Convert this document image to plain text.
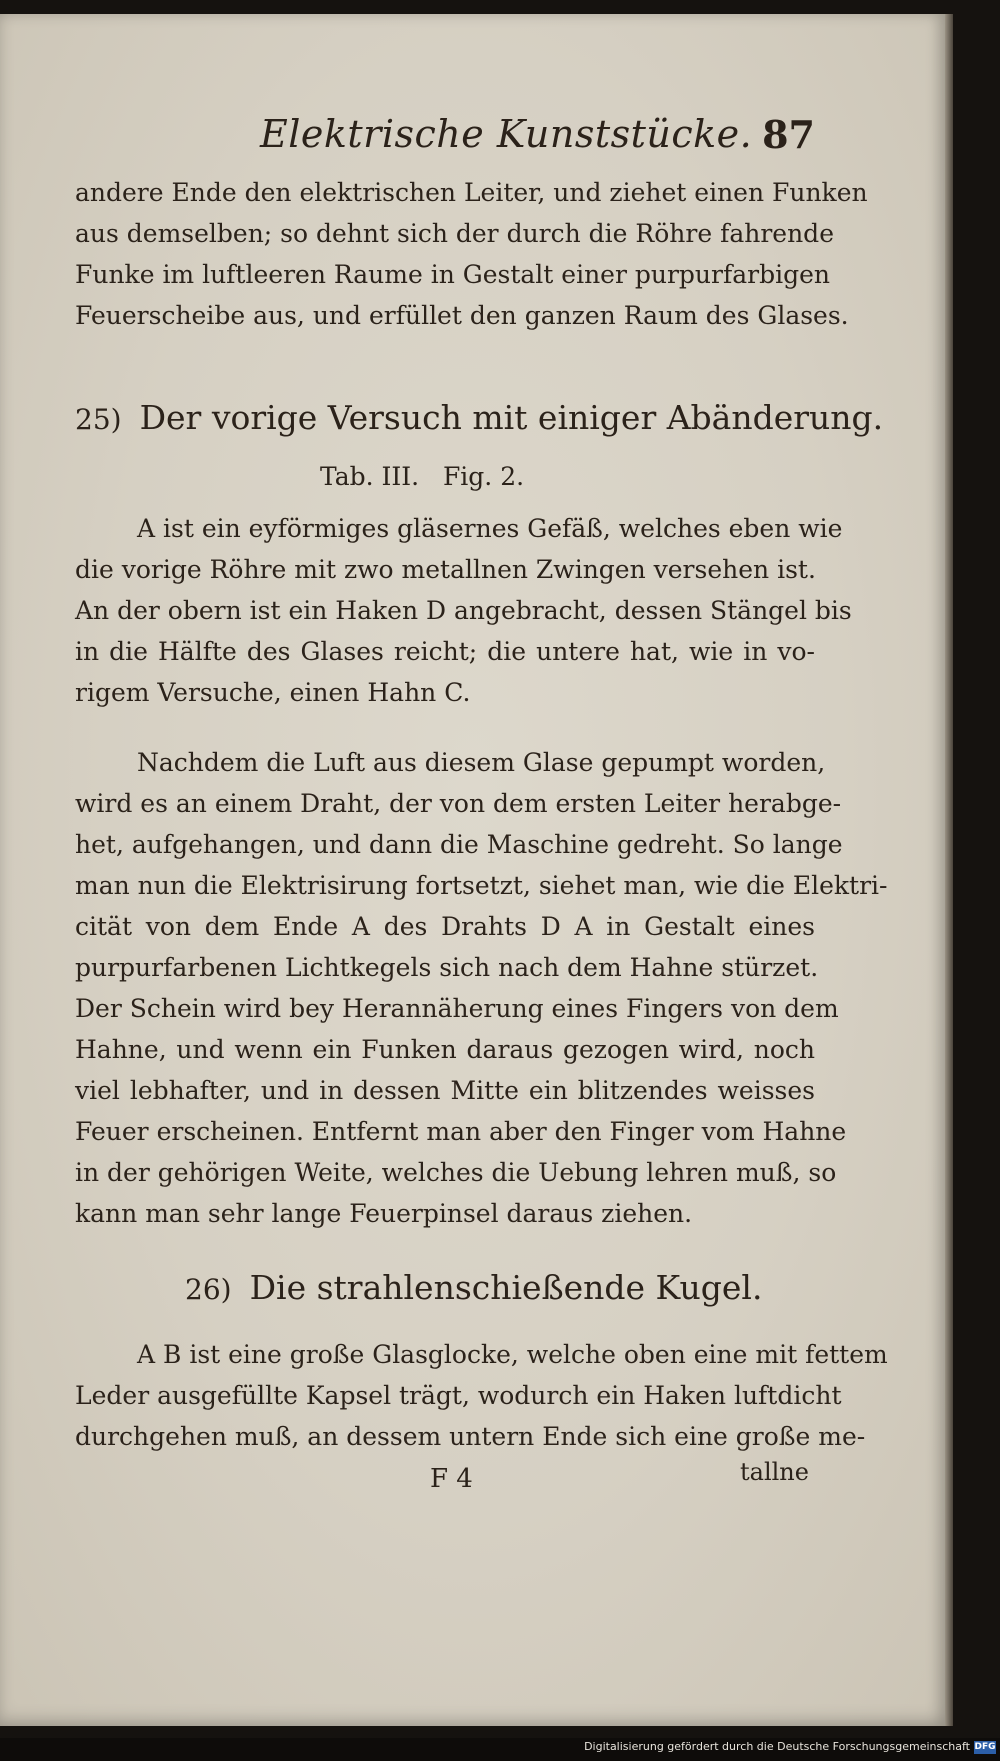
Elektrische Kunststücke. 87
andere Ende den elektrischen Leiter, und ziehet einen Funken
aus demselben; so dehnt sich der durch die Röhre fahrende
Funke im luftleeren Raume in Gestalt einer purpurfarbigen
Feuerscheibe aus, und erfüllet den ganzen Raum des Glases.
25) Der vorige Versuch mit einiger Abänderung.
Tab. III.   Fig. 2.
A ist ein eyförmiges gläsernes Gefäß, welches eben wie
die vorige Röhre mit zwo metallnen Zwingen versehen ist.
An der obern ist ein Haken D angebracht, dessen Stängel bis
in die Hälfte des Glases reicht; die untere hat, wie in vo-
rigem Versuche, einen Hahn C.
Nachdem die Luft aus diesem Glase gepumpt worden,
wird es an einem Draht, der von dem ersten Leiter herabge-
het, aufgehangen, und dann die Maschine gedreht. So lange
man nun die Elektrisirung fortsetzt, siehet man, wie die Elektri-
cität von dem Ende A des Drahts D A in Gestalt eines
purpurfarbenen Lichtkegels sich nach dem Hahne stürzet.
Der Schein wird bey Herannäherung eines Fingers von dem
Hahne, und wenn ein Funken daraus gezogen wird, noch
viel lebhafter, und in dessen Mitte ein blitzendes weisses
Feuer erscheinen. Entfernt man aber den Finger vom Hahne
in der gehörigen Weite, welches die Uebung lehren muß, so
kann man sehr lange Feuerpinsel daraus ziehen.
26) Die strahlenschießende Kugel.
A B ist eine große Glasglocke, welche oben eine mit fettem
Leder ausgefüllte Kapsel trägt, wodurch ein Haken luftdicht
durchgehen muß, an dessem untern Ende sich eine große me-
F 4	tallne
Digitalisierung gefördert durch die Deutsche Forschungsgemeinschaft DFG
